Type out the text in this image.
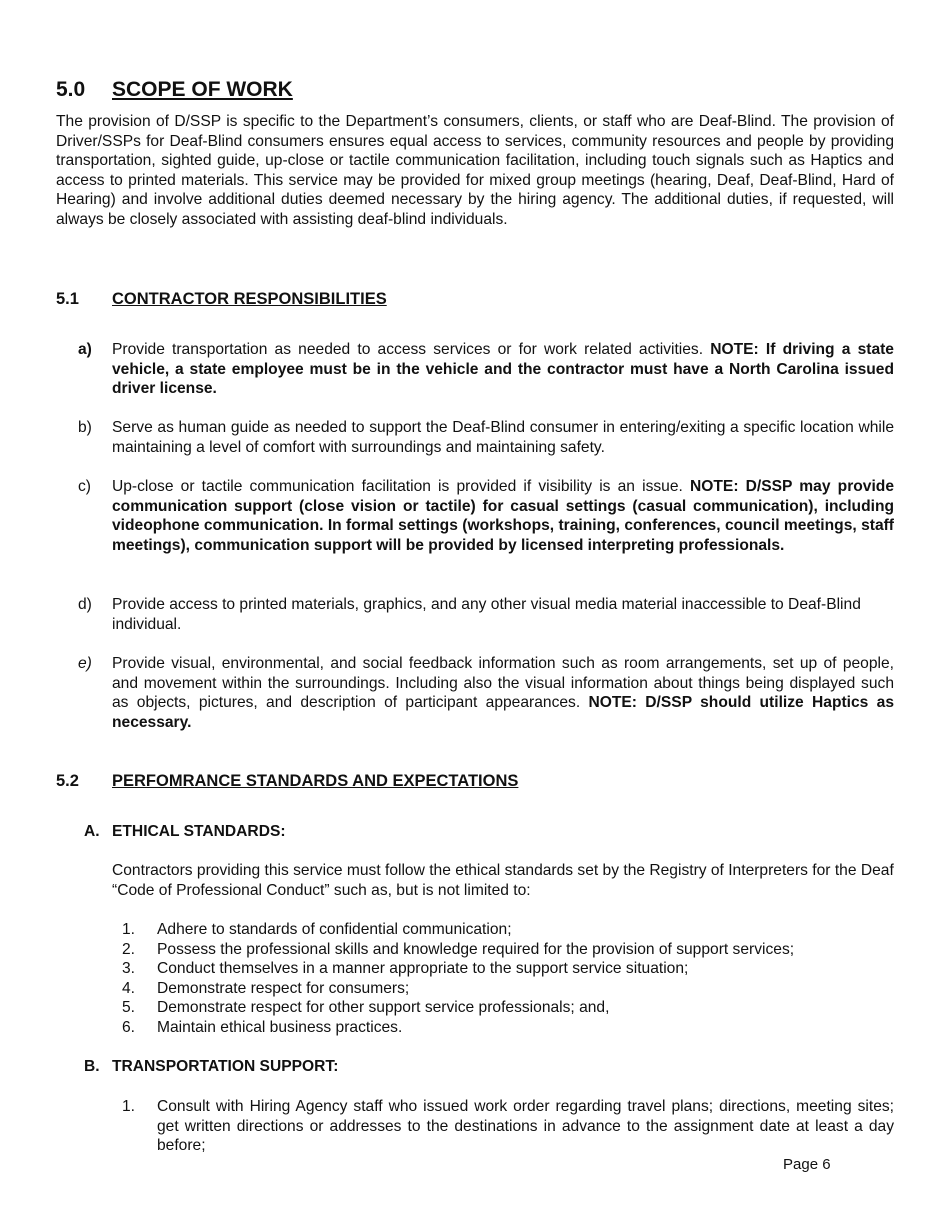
5.0 SCOPE OF WORK

The provision of D/SSP is specific to the Department’s consumers, clients, or staff who are Deaf-Blind. The provision of Driver/SSPs for Deaf-Blind consumers ensures equal access to services, community resources and people by providing transportation, sighted guide, up-close or tactile communication facilitation, including touch signals such as Haptics and access to printed materials. This service may be provided for mixed group meetings (hearing, Deaf, Deaf-Blind, Hard of Hearing) and involve additional duties deemed necessary by the hiring agency. The additional duties, if requested, will always be closely associated with assisting deaf-blind individuals.

5.1 CONTRACTOR RESPONSIBILITIES
a) Provide transportation as needed to access services or for work related activities. NOTE: If driving a state vehicle, a state employee must be in the vehicle and the contractor must have a North Carolina issued driver license.
b) Serve as human guide as needed to support the Deaf-Blind consumer in entering/exiting a specific location while maintaining a level of comfort with surroundings and maintaining safety.
c) Up-close or tactile communication facilitation is provided if visibility is an issue. NOTE: D/SSP may provide communication support (close vision or tactile) for casual settings (casual communication), including videophone communication. In formal settings (workshops, training, conferences, council meetings, staff meetings), communication support will be provided by licensed interpreting professionals.
d) Provide access to printed materials, graphics, and any other visual media material inaccessible to Deaf-Blind individual.
e) Provide visual, environmental, and social feedback information such as room arrangements, set up of people, and movement within the surroundings. Including also the visual information about things being displayed such as objects, pictures, and description of participant appearances. NOTE: D/SSP should utilize Haptics as necessary.
5.2 PERFOMRANCE STANDARDS AND EXPECTATIONS
A. ETHICAL STANDARDS:

Contractors providing this service must follow the ethical standards set by the Registry of Interpreters for the Deaf “Code of Professional Conduct” such as, but is not limited to:

1. Adhere to standards of confidential communication;
2. Possess the professional skills and knowledge required for the provision of support services;
3. Conduct themselves in a manner appropriate to the support service situation;
4. Demonstrate respect for consumers;
5. Demonstrate respect for other support service professionals; and,
6. Maintain ethical business practices.
B. TRANSPORTATION SUPPORT:
1. Consult with Hiring Agency staff who issued work order regarding travel plans; directions, meeting sites; get written directions or addresses to the destinations in advance to the assignment date at least a day before;
Page 6
